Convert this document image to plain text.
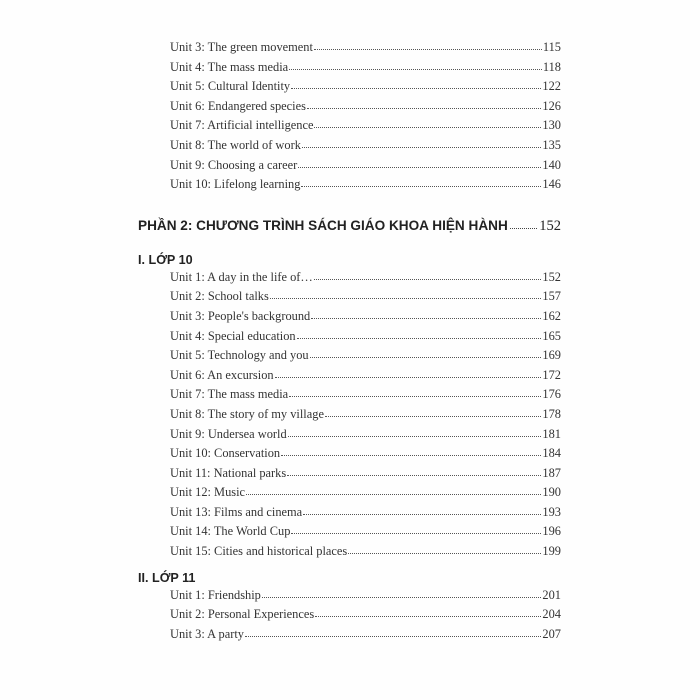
Unit 3: The green movement	115
Unit 4: The mass media	118
Unit 5: Cultural Identity	122
Unit 6: Endangered species	126
Unit 7: Artificial intelligence	130
Unit 8: The world of work	135
Unit 9: Choosing a career	140
Unit 10: Lifelong learning	146
PHẦN 2: CHƯƠNG TRÌNH SÁCH GIÁO KHOA HIỆN HÀNH 152
I. LỚP 10
Unit 1: A day in the life of…	152
Unit 2: School talks	157
Unit 3: People's background	162
Unit 4: Special education	165
Unit 5: Technology and you	169
Unit 6: An excursion	172
Unit 7: The mass media	176
Unit 8: The story of my village	178
Unit 9: Undersea world	181
Unit 10: Conservation	184
Unit 11: National parks	187
Unit 12: Music	190
Unit 13: Films and cinema	193
Unit 14: The World Cup	196
Unit 15: Cities and historical places	199
II. LỚP 11
Unit 1: Friendship	201
Unit 2: Personal Experiences	204
Unit 3: A party	207
